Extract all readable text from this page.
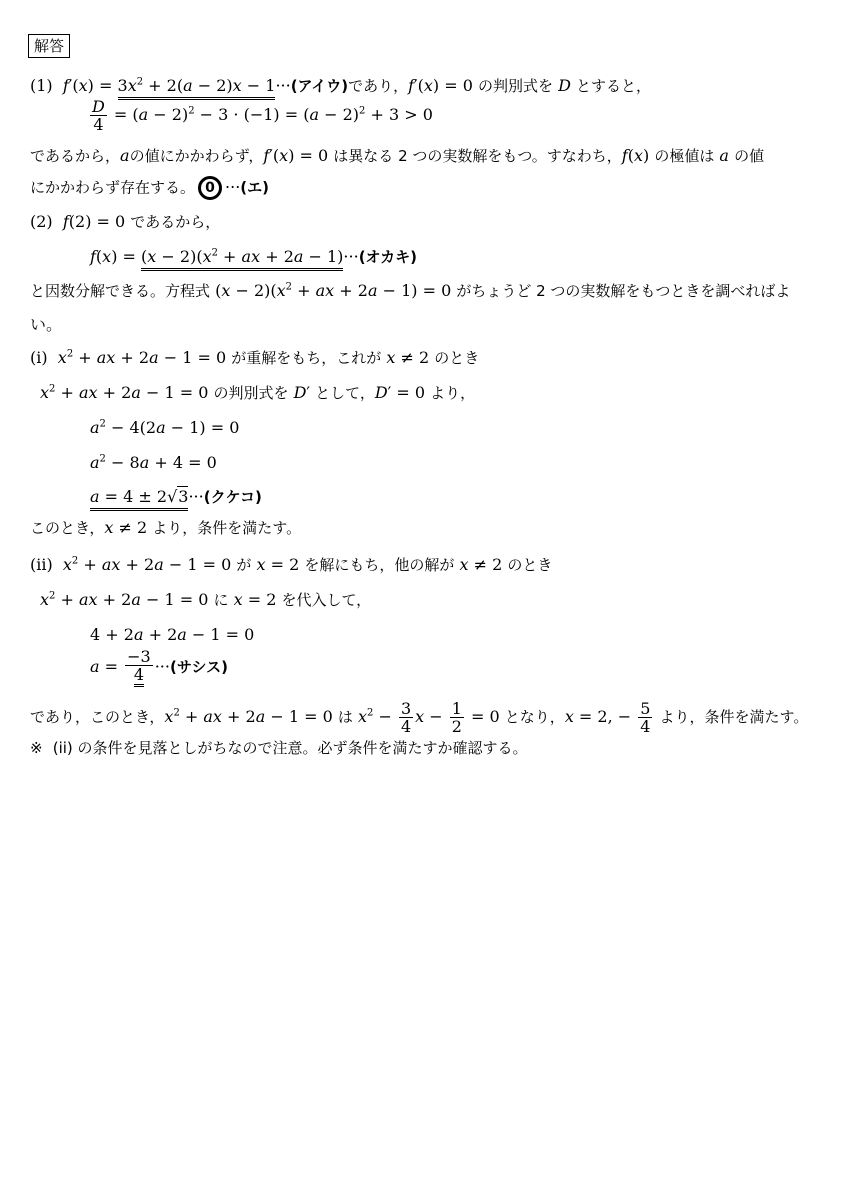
解答
(1) $f'(x) = 3x^2 + 2(a - 2)x - 1\cdot\cdot\cdot$(アイウ)であり，f′(x) = 0 の判別式を D とすると，
$\frac{D}{4} = (a - 2)^2 - 3 \cdot (-1) = (a - 2)^2 + 3 > 0$
であるから，aの値にかかわらず，f′(x) = 0 は異なる 2 つの実数解をもつ。すなわち，f(x) の極値は a の値
にかかわらず存在する。 0 ···(エ)
(2) f(2) = 0 であるから，
$f(x) = (x - 2)(x^2$ + ax + 2a − 1)···(オカキ)
と因数分解できる。方程式 $(x - 2)(x^2$ + ax + 2a − 1) = 0 がちょうど 2 つの実数解をもつときを調べればよ
い。
(i) $x^2$ + ax + 2a − 1 = 0 が重解をもち，これが x ≠ 2 のとき
$x^2$ + ax + 2a − 1 = 0 の判別式を D′ として，D′ = 0 より，
$a^2 - 4(2a - 1) = 0$
$a^2 - 8a + 4 = 0$
a = 4 ± 2√3···(クケコ)
このとき，x ≠ 2 より，条件を満たす。
(ii) $x^2$ + ax + 2a − 1 = 0 が x = 2 を解にもち，他の解が x ≠ 2 のとき
$x^2$ + ax + 2a − 1 = 0 に x = 2 を代入して，
4 + 2a + 2a − 1 = 0
$a = \frac{-3}{4}$ ···(サシス)
であり，このとき，$x^2$ + ax + 2a − 1 = 0 は $x^2 - \frac{3}{4}$ $x - \frac{1}{2} = 0$ となり，x = 2, − $\frac{5}{4}$ より，条件を満たす。
※ (ii) の条件を見落としがちなので注意。必ず条件を満たすか確認する。
